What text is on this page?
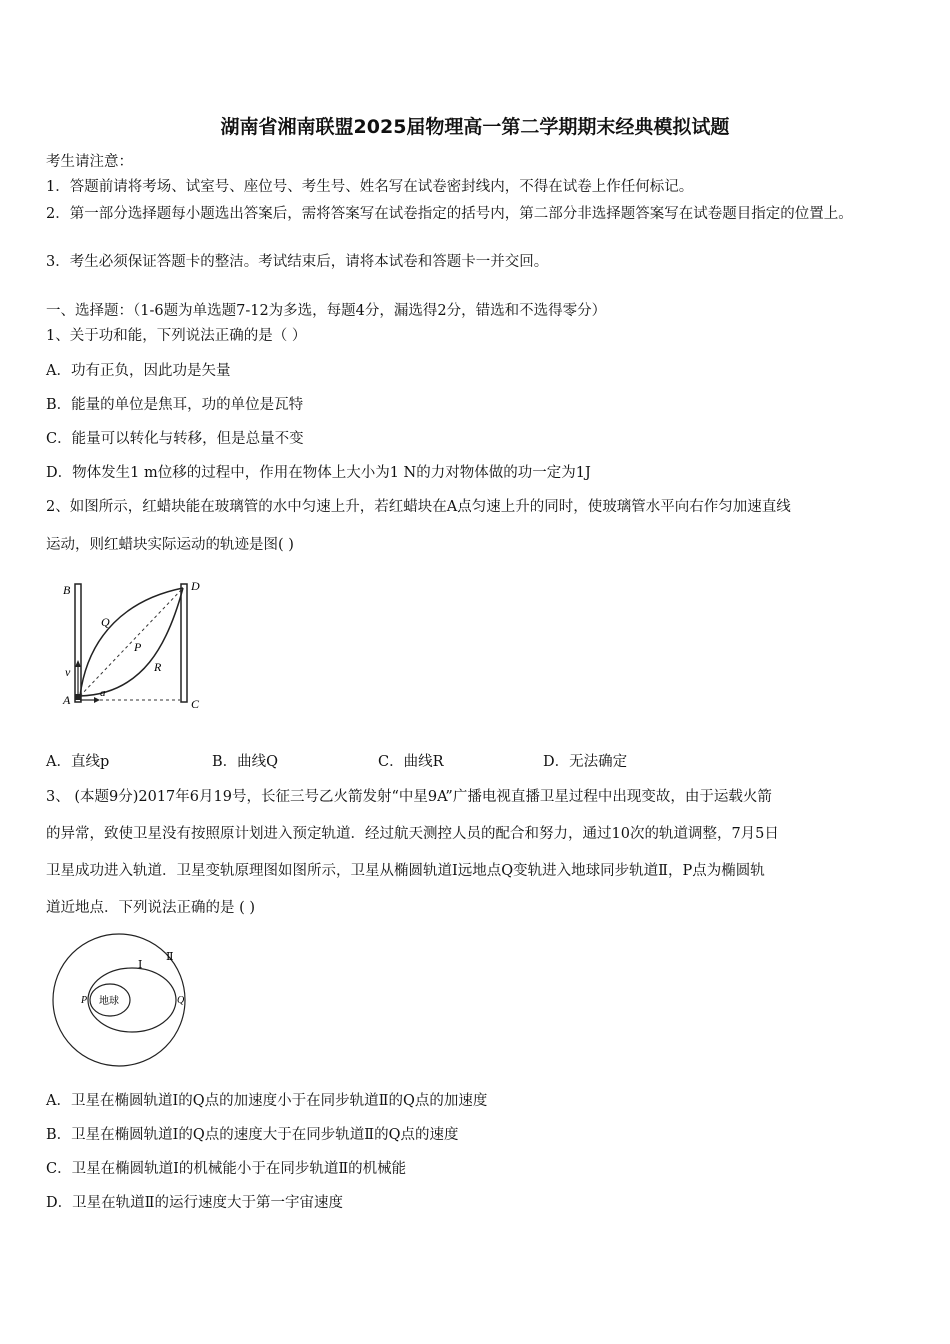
湖南省湘南联盟2025届物理高一第二学期期末经典模拟试题
考生请注意：
1．答题前请将考场、试室号、座位号、考生号、姓名写在试卷密封线内，不得在试卷上作任何标记。
2．第一部分选择题每小题选出答案后，需将答案写在试卷指定的括号内，第二部分非选择题答案写在试卷题目指定的位置上。
3．考生必须保证答题卡的整洁。考试结束后，请将本试卷和答题卡一并交回。
一、选择题：（1-6题为单选题7-12为多选，每题4分，漏选得2分，错选和不选得零分）
1、关于功和能，下列说法正确的是（ ）
A．功有正负，因此功是矢量
B．能量的单位是焦耳，功的单位是瓦特
C．能量可以转化与转移，但是总量不变
D．物体发生1 m位移的过程中，作用在物体上大小为1 N的力对物体做的功一定为1J
2、如图所示，红蜡块能在玻璃管的水中匀速上升，若红蜡块在A点匀速上升的同时，使玻璃管水平向右作匀加速直线
运动，则红蜡块实际运动的轨迹是图( )
B	D
Q
P
R
v
A	a
C
A．直线p	B．曲线Q	C．曲线R	D．无法确定
3、 (本题9分)2017年6月19号，长征三号乙火箭发射“中星9A”广播电视直播卫星过程中出现变故，由于运载火箭
的异常，致使卫星没有按照原计划进入预定轨道．经过航天测控人员的配合和努力，通过10次的轨道调整，7月5日
卫星成功进入轨道．卫星变轨原理图如图所示，卫星从椭圆轨道Ⅰ远地点Q变轨进入地球同步轨道Ⅱ，P点为椭圆轨
道近地点．下列说法正确的是 ( )
地球
Ⅰ
Ⅱ
P	Q
A．卫星在椭圆轨道Ⅰ的Q点的加速度小于在同步轨道Ⅱ的Q点的加速度
B．卫星在椭圆轨道Ⅰ的Q点的速度大于在同步轨道Ⅱ的Q点的速度
C．卫星在椭圆轨道Ⅰ的机械能小于在同步轨道Ⅱ的机械能
D．卫星在轨道Ⅱ的运行速度大于第一宇宙速度
